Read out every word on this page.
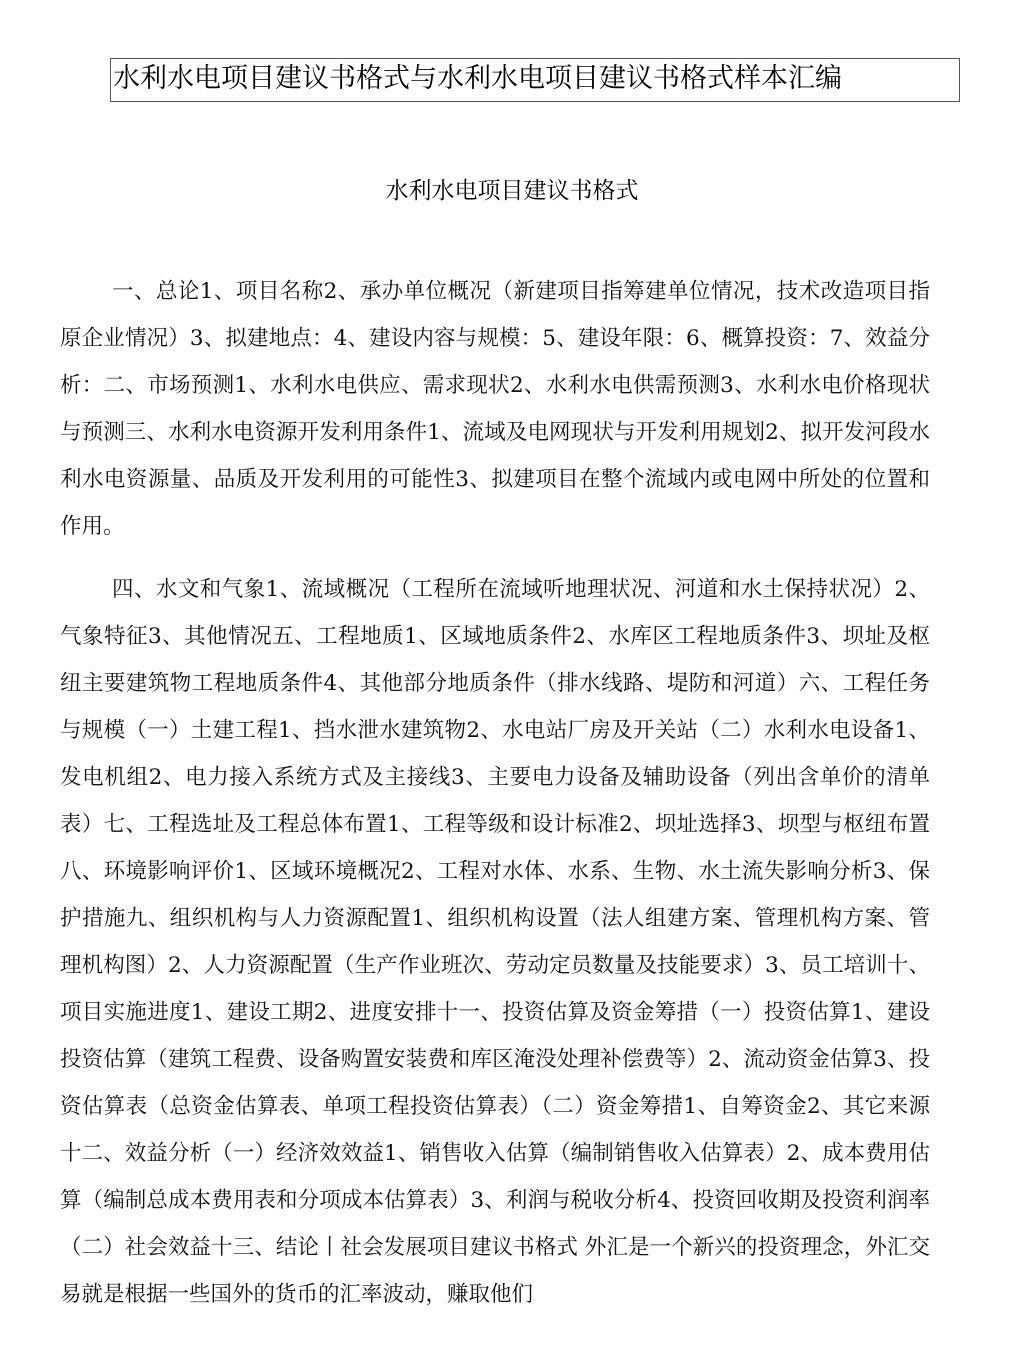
水利水电项目建议书格式与水利水电项目建议书格式样本汇编
水利水电项目建议书格式

一、总论1、项目名称2、承办单位概况（新建项目指筹建单位情况，技术改造项目指原企业情况）3、拟建地点：4、建设内容与规模：5、建设年限：6、概算投资：7、效益分析：二、市场预测1、水利水电供应、需求现状2、水利水电供需预测3、水利水电价格现状与预测三、水利水电资源开发利用条件1、流域及电网现状与开发利用规划2、拟开发河段水利水电资源量、品质及开发利用的可能性3、拟建项目在整个流域内或电网中所处的位置和作用。

四、水文和气象1、流域概况（工程所在流域听地理状况、河道和水土保持状况）2、气象特征3、其他情况五、工程地质1、区域地质条件2、水库区工程地质条件3、坝址及枢纽主要建筑物工程地质条件4、其他部分地质条件（排水线路、堤防和河道）六、工程任务与规模（一）土建工程1、挡水泄水建筑物2、水电站厂房及开关站（二）水利水电设备1、发电机组2、电力接入系统方式及主接线3、主要电力设备及辅助设备（列出含单价的清单表）七、工程选址及工程总体布置1、工程等级和设计标准2、坝址选择3、坝型与枢纽布置八、环境影响评价1、区域环境概况2、工程对水体、水系、生物、水土流失影响分析3、保护措施九、组织机构与人力资源配置1、组织机构设置（法人组建方案、管理机构方案、管理机构图）2、人力资源配置（生产作业班次、劳动定员数量及技能要求）3、员工培训十、项目实施进度1、建设工期2、进度安排十一、投资估算及资金筹措（一）投资估算1、建设投资估算（建筑工程费、设备购置安装费和库区淹没处理补偿费等）2、流动资金估算3、投资估算表（总资金估算表、单项工程投资估算表）（二）资金筹措1、自筹资金2、其它来源十二、效益分析（一）经济效效益1、销售收入估算（编制销售收入估算表）2、成本费用估算（编制总成本费用表和分项成本估算表）3、利润与税收分析4、投资回收期及投资利润率（二）社会效益十三、结论丨社会发展项目建议书格式 外汇是一个新兴的投资理念，外汇交易就是根据一些国外的货币的汇率波动，赚取他们
